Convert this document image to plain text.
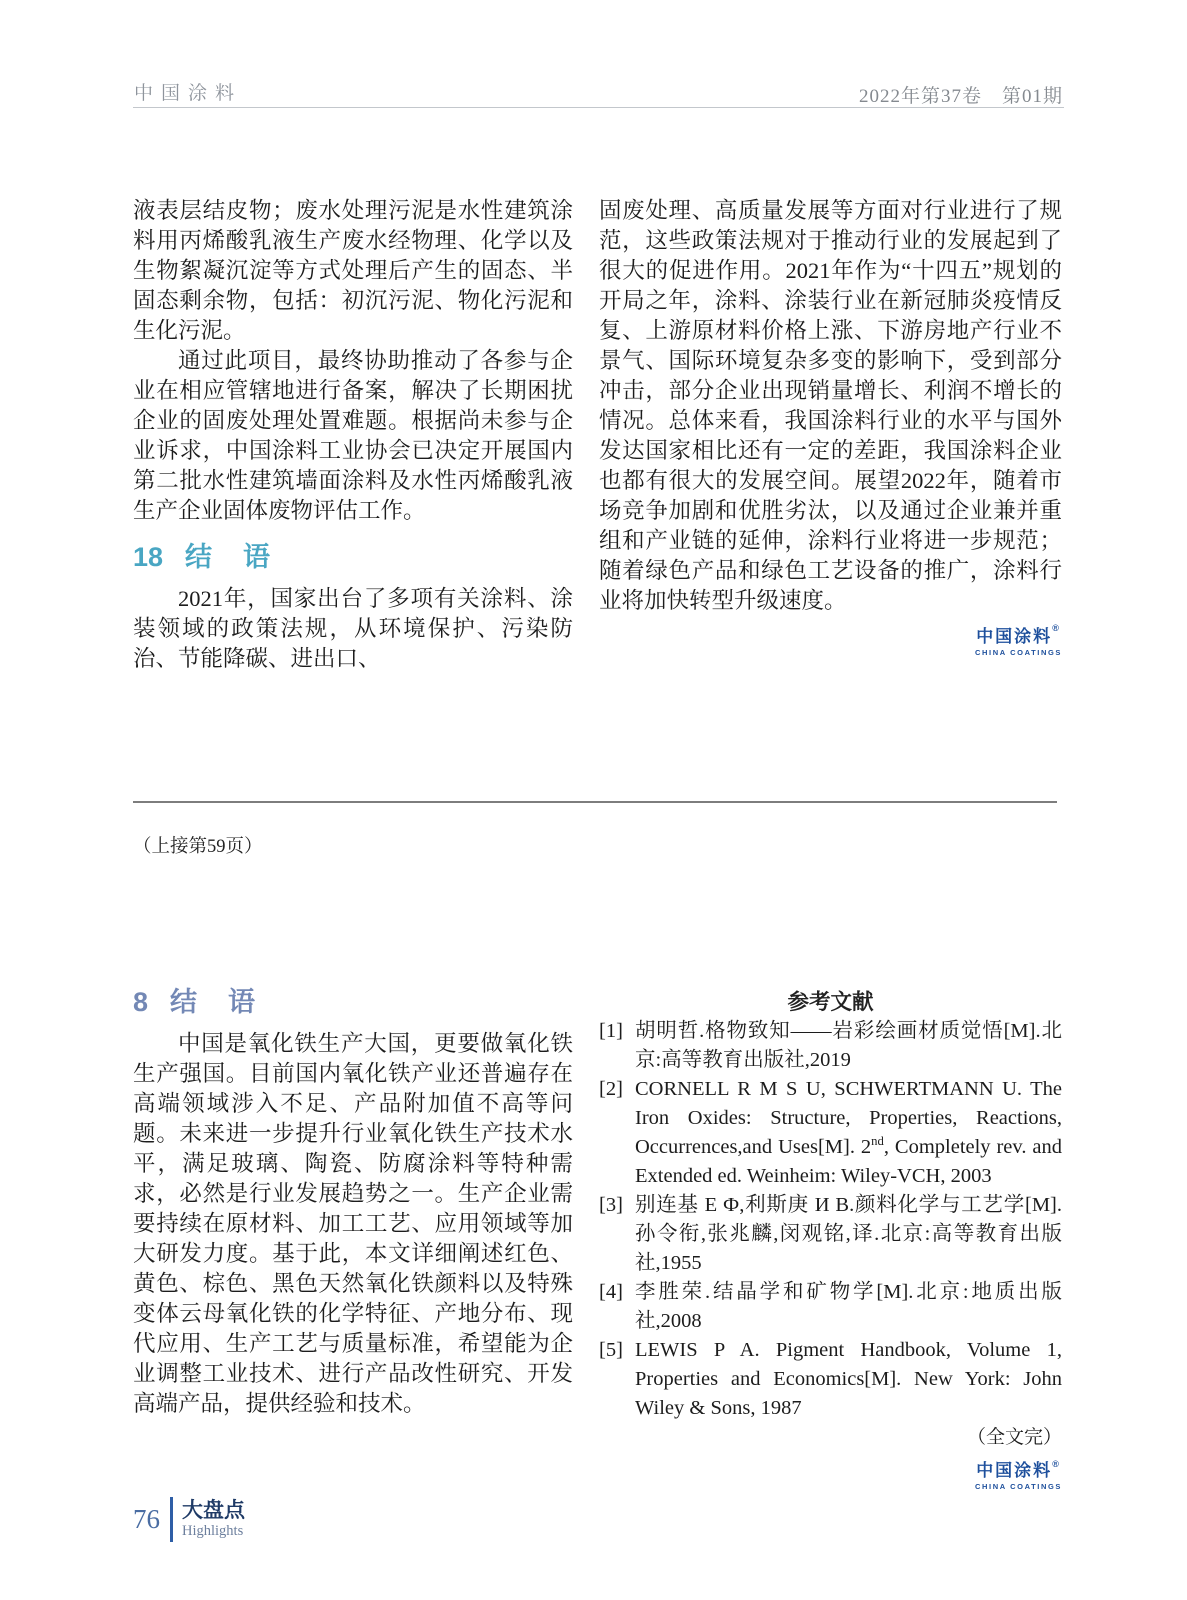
中国涂料	2022年第37卷　第01期

液表层结皮物；废水处理污泥是水性建筑涂料用丙烯酸乳液生产废水经物理、化学以及生物絮凝沉淀等方式处理后产生的固态、半固态剩余物，包括：初沉污泥、物化污泥和生化污泥。

通过此项目，最终协助推动了各参与企业在相应管辖地进行备案，解决了长期困扰企业的固废处理处置难题。根据尚未参与企业诉求，中国涂料工业协会已决定开展国内第二批水性建筑墙面涂料及水性丙烯酸乳液生产企业固体废物评估工作。

18 结　语

2021年，国家出台了多项有关涂料、涂装领域的政策法规，从环境保护、污染防治、节能降碳、进出口、

固废处理、高质量发展等方面对行业进行了规范，这些政策法规对于推动行业的发展起到了很大的促进作用。2021年作为“十四五”规划的开局之年，涂料、涂装行业在新冠肺炎疫情反复、上游原材料价格上涨、下游房地产行业不景气、国际环境复杂多变的影响下，受到部分冲击，部分企业出现销量增长、利润不增长的情况。总体来看，我国涂料行业的水平与国外发达国家相比还有一定的差距，我国涂料企业也都有很大的发展空间。展望2022年，随着市场竞争加剧和优胜劣汰，以及通过企业兼并重组和产业链的延伸，涂料行业将进一步规范；随着绿色产品和绿色工艺设备的推广，涂料行业将加快转型升级速度。

中国涂料®
CHINA COATINGS
（上接第59页）
8 结　语

中国是氧化铁生产大国，更要做氧化铁生产强国。目前国内氧化铁产业还普遍存在高端领域涉入不足、产品附加值不高等问题。未来进一步提升行业氧化铁生产技术水平，满足玻璃、陶瓷、防腐涂料等特种需求，必然是行业发展趋势之一。生产企业需要持续在原材料、加工工艺、应用领域等加大研发力度。基于此，本文详细阐述红色、黄色、棕色、黑色天然氧化铁颜料以及特殊变体云母氧化铁的化学特征、产地分布、现代应用、生产工艺与质量标准，希望能为企业调整工业技术、进行产品改性研究、开发高端产品，提供经验和技术。

参考文献

[1] 胡明哲.格物致知——岩彩绘画材质觉悟[M].北京:高等教育出版社,2019
[2] CORNELL R M S U, SCHWERTMANN U. The Iron Oxides: Structure, Properties, Reactions, Occurrences,and Uses[M]. 2nd, Completely rev. and Extended ed. Weinheim: Wiley-VCH, 2003
[3] 别连基 Е Ф,利斯庚 И В.颜料化学与工艺学[M].孙令衔,张兆麟,闵观铭,译.北京:高等教育出版社,1955
[4] 李胜荣.结晶学和矿物学[M].北京:地质出版社,2008
[5] LEWIS P A. Pigment Handbook, Volume 1, Properties and Economics[M]. New York: John Wiley & Sons, 1987

（全文完）

中国涂料®
CHINA COATINGS
76 大盘点
Highlights
